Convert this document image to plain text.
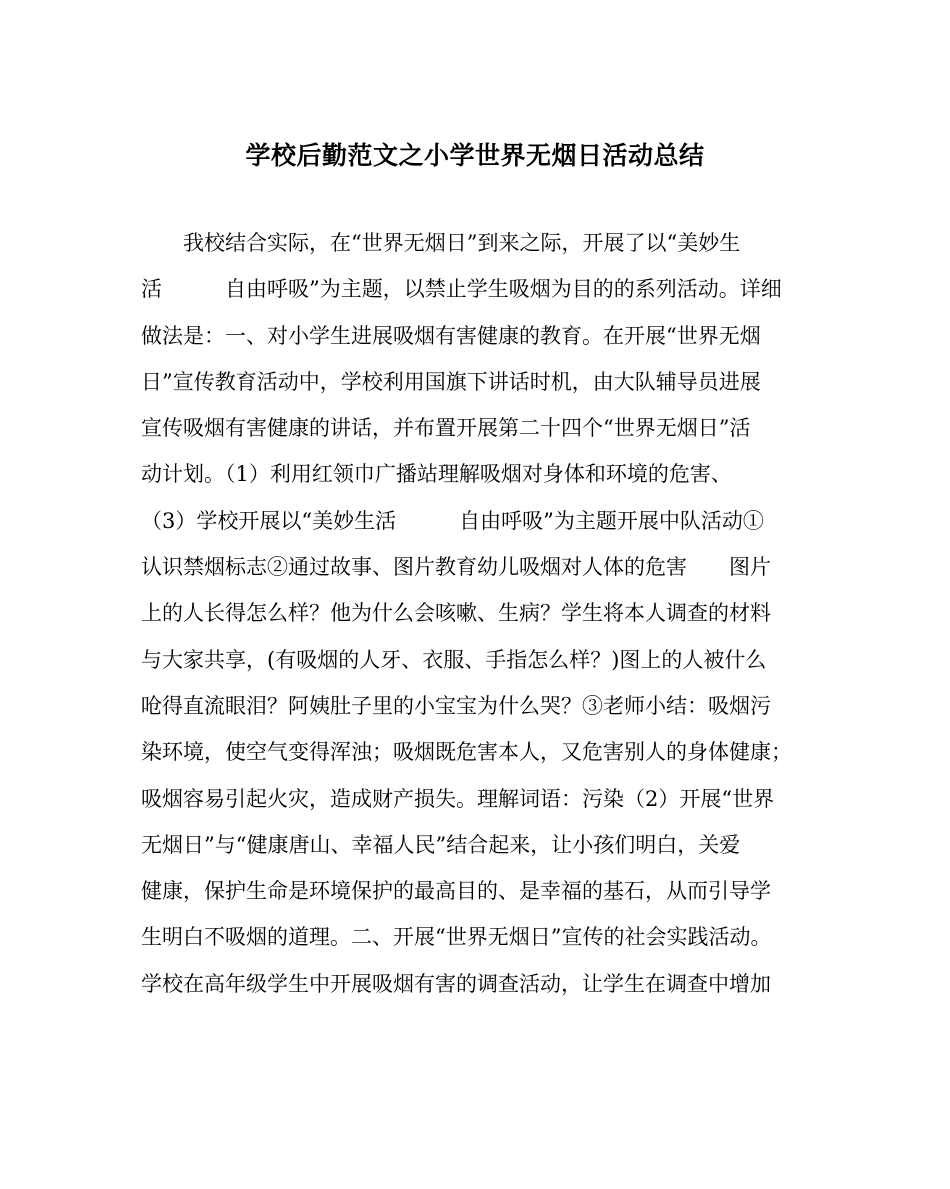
学校后勤范文之小学世界无烟日活动总结
　　我校结合实际，在“世界无烟日”到来之际，开展了以“美妙生
活　　　自由呼吸”为主题，以禁止学生吸烟为目的的系列活动。详细
做法是：一、对小学生进展吸烟有害健康的教育。在开展“世界无烟
日”宣传教育活动中，学校利用国旗下讲话时机，由大队辅导员进展
宣传吸烟有害健康的讲话，并布置开展第二十四个“世界无烟日”活
动计划。（1）利用红领巾广播站理解吸烟对身体和环境的危害、
（3）学校开展以“美妙生活　　　自由呼吸”为主题开展中队活动①
认识禁烟标志②通过故事、图片教育幼儿吸烟对人体的危害　　图片
上的人长得怎么样？他为什么会咳嗽、生病？学生将本人调查的材料
与大家共享，(有吸烟的人牙、衣服、手指怎么样？)图上的人被什么
呛得直流眼泪？阿姨肚子里的小宝宝为什么哭？③老师小结：吸烟污
染环境，使空气变得浑浊；吸烟既危害本人，又危害别人的身体健康；
吸烟容易引起火灾，造成财产损失。理解词语：污染（2）开展“世界
无烟日”与“健康唐山、幸福人民”结合起来，让小孩们明白，关爱
健康，保护生命是环境保护的最高目的、是幸福的基石，从而引导学
生明白不吸烟的道理。二、开展“世界无烟日”宣传的社会实践活动。
学校在高年级学生中开展吸烟有害的调查活动，让学生在调查中增加
